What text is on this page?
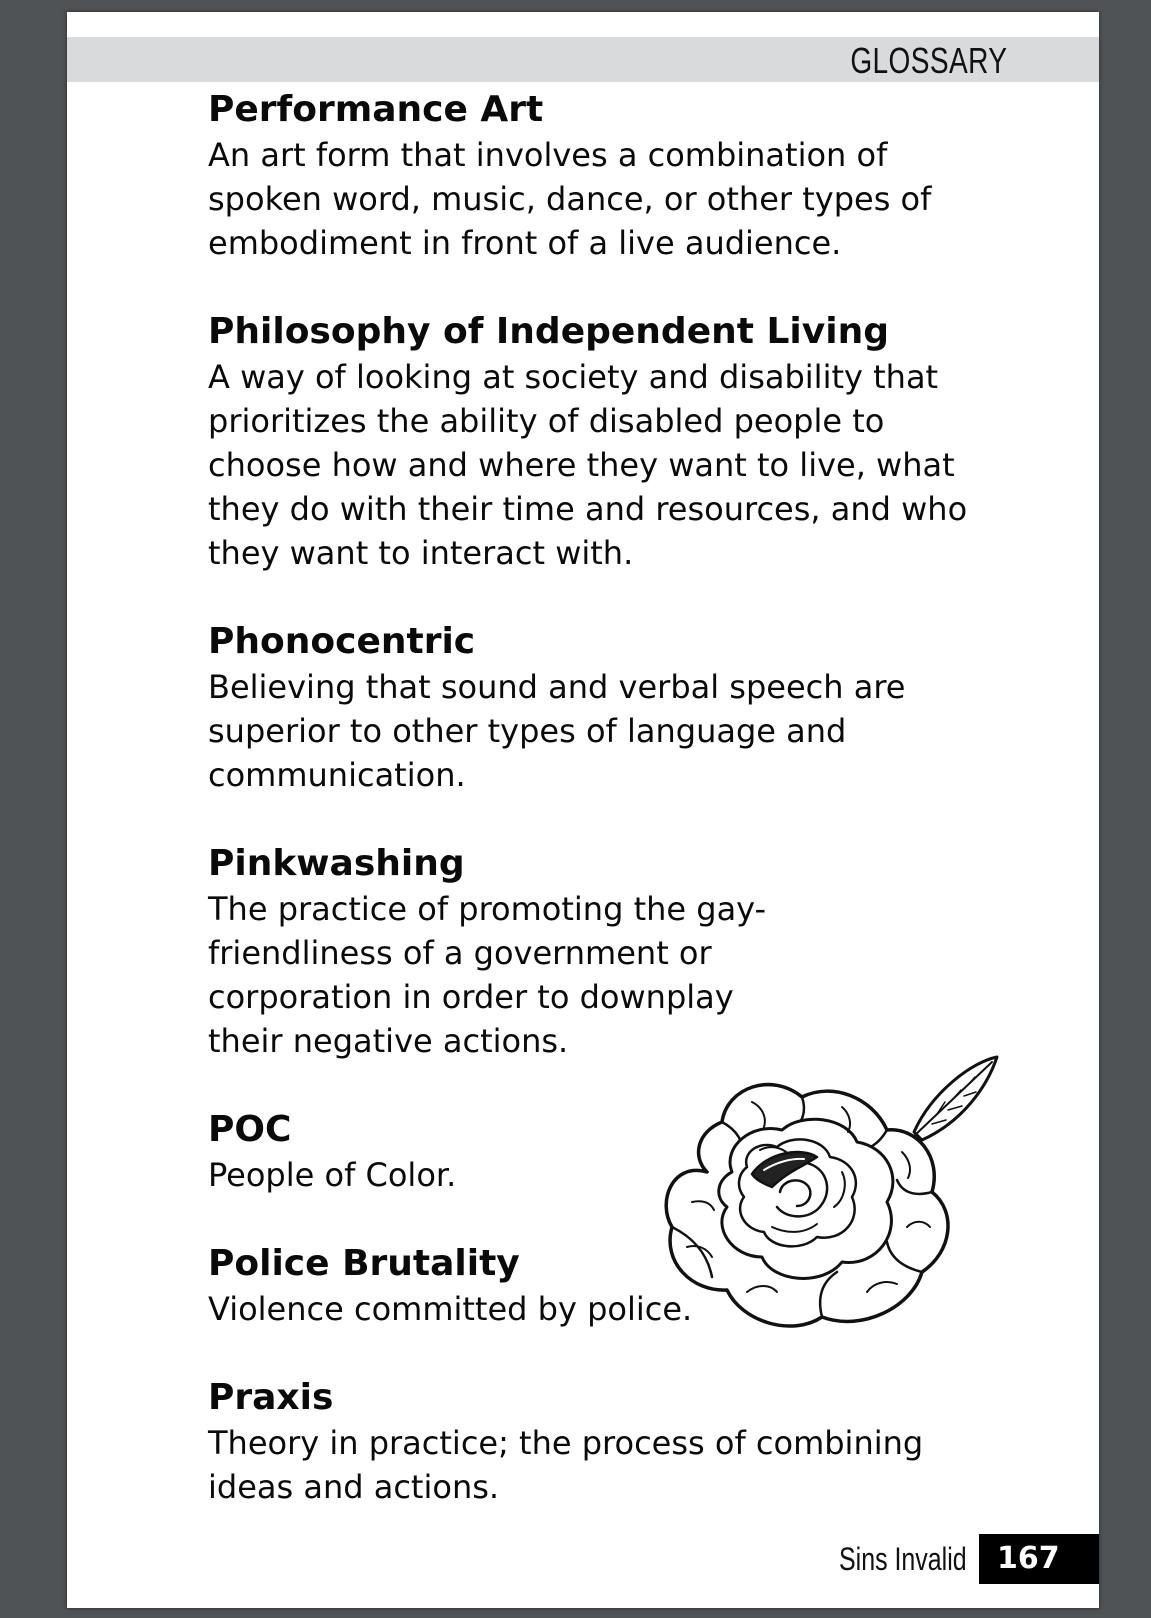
GLOSSARY

Performance Art

An art form that involves a combination of
spoken word, music, dance, or other types of
embodiment in front of a live audience.

Philosophy of Independent Living

A way of looking at society and disability that
prioritizes the ability of disabled people to
choose how and where they want to live, what
they do with their time and resources, and who
they want to interact with.

Phonocentric

Believing that sound and verbal speech are
superior to other types of language and
communication.

Pinkwashing

The practice of promoting the gay-
friendliness of a government or
corporation in order to downplay
their negative actions.

POC

People of Color.

Police Brutality

Violence committed by police.

Praxis

Theory in practice; the process of combining
ideas and actions.

Sins Invalid	167
